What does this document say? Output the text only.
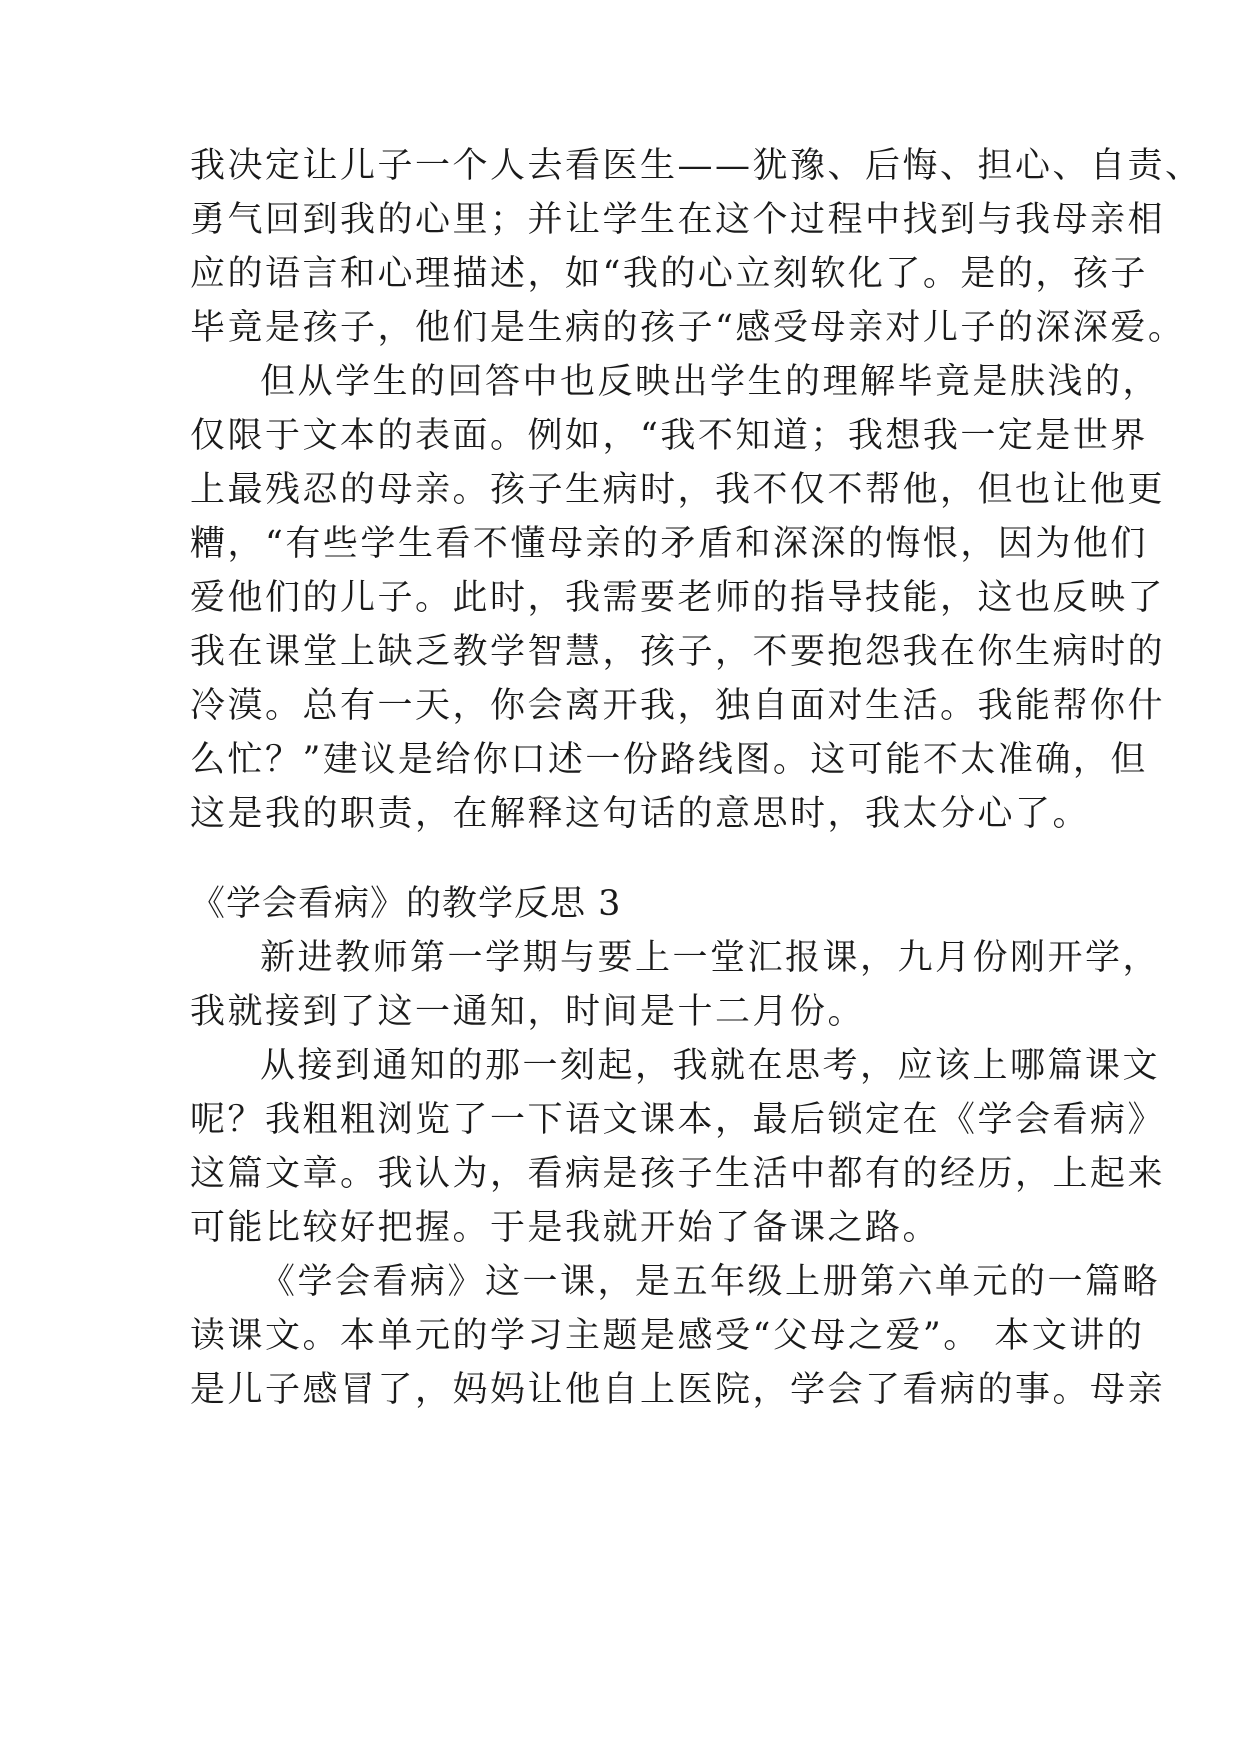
我决定让儿子一个人去看医生——犹豫、后悔、担心、自责、
勇气回到我的心里；并让学生在这个过程中找到与我母亲相
应的语言和心理描述，如“我的心立刻软化了。是的，孩子
毕竟是孩子，他们是生病的孩子“感受母亲对儿子的深深爱。
但从学生的回答中也反映出学生的理解毕竟是肤浅的，
仅限于文本的表面。例如，“我不知道；我想我一定是世界
上最残忍的母亲。孩子生病时，我不仅不帮他，但也让他更
糟，“有些学生看不懂母亲的矛盾和深深的悔恨，因为他们
爱他们的儿子。此时，我需要老师的指导技能，这也反映了
我在课堂上缺乏教学智慧，孩子，不要抱怨我在你生病时的
冷漠。总有一天，你会离开我，独自面对生活。我能帮你什
么忙？”建议是给你口述一份路线图。这可能不太准确，但
这是我的职责，在解释这句话的意思时，我太分心了。
《学会看病》的教学反思 3
新进教师第一学期与要上一堂汇报课，九月份刚开学，
我就接到了这一通知，时间是十二月份。
从接到通知的那一刻起，我就在思考，应该上哪篇课文
呢？我粗粗浏览了一下语文课本，最后锁定在《学会看病》
这篇文章。我认为，看病是孩子生活中都有的经历，上起来
可能比较好把握。于是我就开始了备课之路。
《学会看病》这一课，是五年级上册第六单元的一篇略
读课文。本单元的学习主题是感受“父母之爱”。 本文讲的
是儿子感冒了，妈妈让他自上医院，学会了看病的事。母亲
